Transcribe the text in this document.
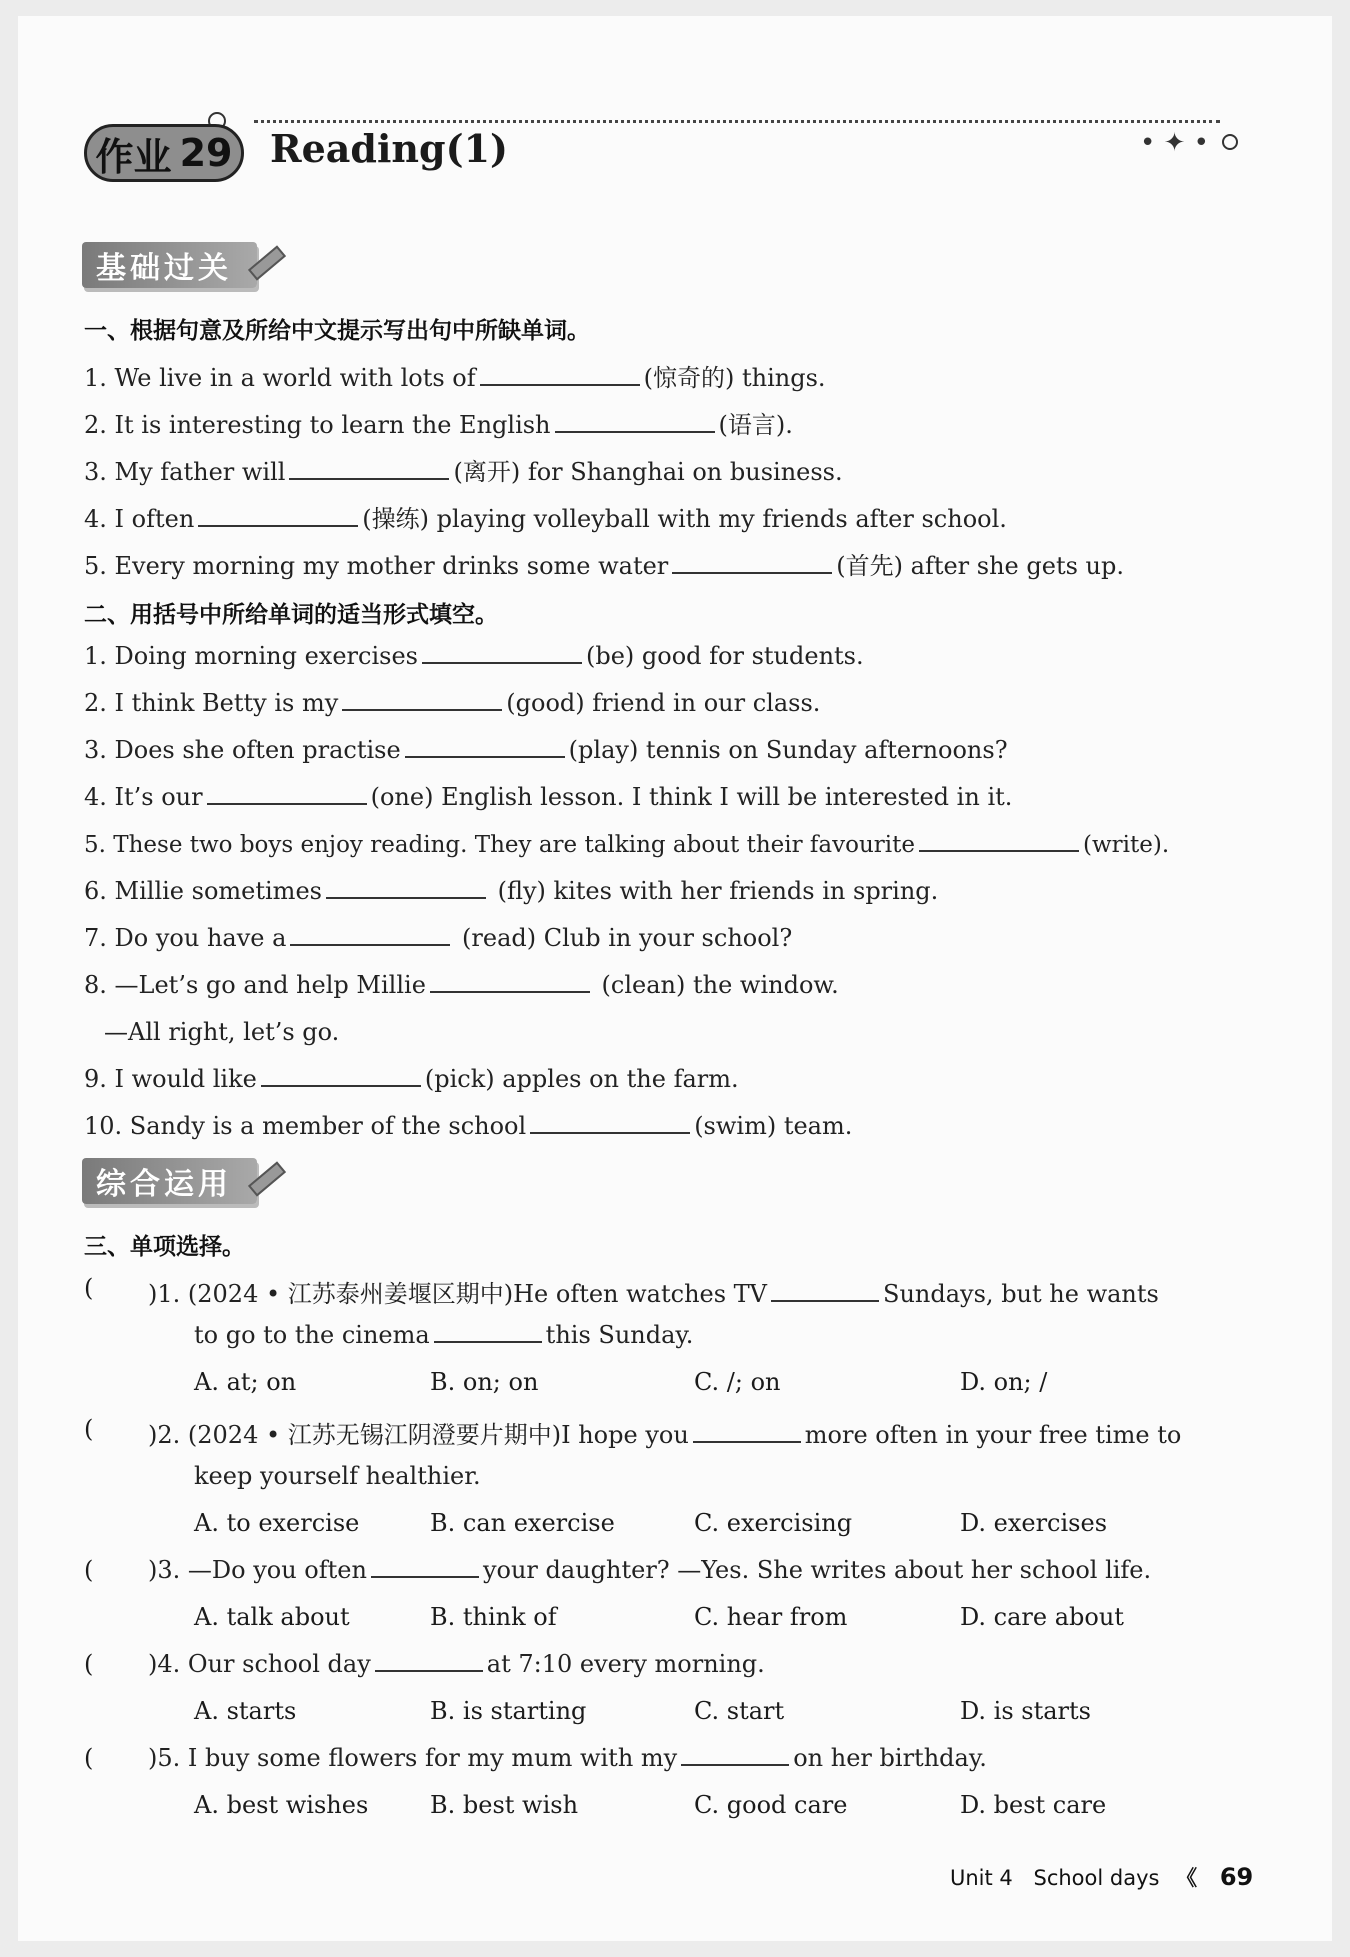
作业 29 Reading(1)	• ✦ •
基础过关
一、根据句意及所给中文提示写出句中所缺单词。
1. We live in a world with lots of	(惊奇的) things.
2. It is interesting to learn the English	(语言).
3. My father will	(离开) for Shanghai on business.
4. I often	(操练) playing volleyball with my friends after school.
5. Every morning my mother drinks some water	(首先) after she gets up.
二、用括号中所给单词的适当形式填空。
1. Doing morning exercises	(be) good for students.
2. I think Betty is my	(good) friend in our class.
3. Does she often practise	(play) tennis on Sunday afternoons?
4. It’s our	(one) English lesson. I think I will be interested in it.
5. These two boys enjoy reading. They are talking about their favourite	(write).
6. Millie sometimes	(fly) kites with her friends in spring.
7. Do you have a	(read) Club in your school?
8. —Let’s go and help Millie	(clean) the window.
—All right, let’s go.
9. I would like	(pick) apples on the farm.
10. Sandy is a member of the school	(swim) team.
综合运用
三、单项选择。
( )1. (2024 • 江苏泰州姜堰区期中)He often watches TV	Sundays, but he wants
to go to the cinema	this Sunday.
A. at; on	B. on; on	C. /; on	D. on; /
( )2. (2024 • 江苏无锡江阴澄要片期中)I hope you	more often in your free time to
keep yourself healthier.
A. to exercise	B. can exercise	C. exercising	D. exercises
( )3. —Do you often	your daughter? —Yes. She writes about her school life.
A. talk about	B. think of	C. hear from	D. care about
( )4. Our school day	at 7:10 every morning.
A. starts	B. is starting	C. start	D. is starts
( )5. I buy some flowers for my mum with my	on her birthday.
A. best wishes	B. best wish	C. good care	D. best care
Unit 4 School days 《 69
